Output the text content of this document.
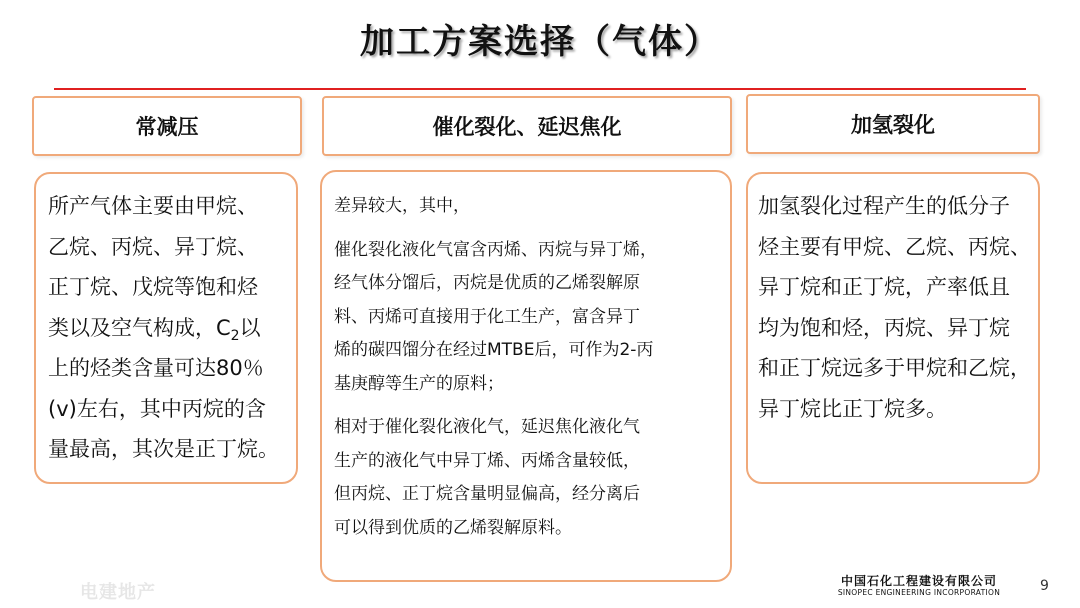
加工方案选择（气体）
常减压
所产气体主要由甲烷、
乙烷、丙烷、异丁烷、
正丁烷、戊烷等饱和烃
类以及空气构成，$C_2$以
上的烃类含量可达80％
(v)左右，其中丙烷的含
量最高，其次是正丁烷。
催化裂化、延迟焦化
差异较大，其中，
催化裂化液化气富含丙烯、丙烷与异丁烯，
经气体分馏后，丙烷是优质的乙烯裂解原
料、丙烯可直接用于化工生产，富含异丁
烯的碳四馏分在经过MTBE后，可作为2-丙
基庚醇等生产的原料；
相对于催化裂化液化气，延迟焦化液化气
生产的液化气中异丁烯、丙烯含量较低，
但丙烷、正丁烷含量明显偏高，经分离后
可以得到优质的乙烯裂解原料。
加氢裂化
加氢裂化过程产生的低分子
烃主要有甲烷、乙烷、丙烷、
异丁烷和正丁烷，产率低且
均为饱和烃，丙烷、异丁烷
和正丁烷远多于甲烷和乙烷，
异丁烷比正丁烷多。
电建地产
中国石化工程建设有限公司
SINOPEC ENGINEERING INCORPORATION	9
